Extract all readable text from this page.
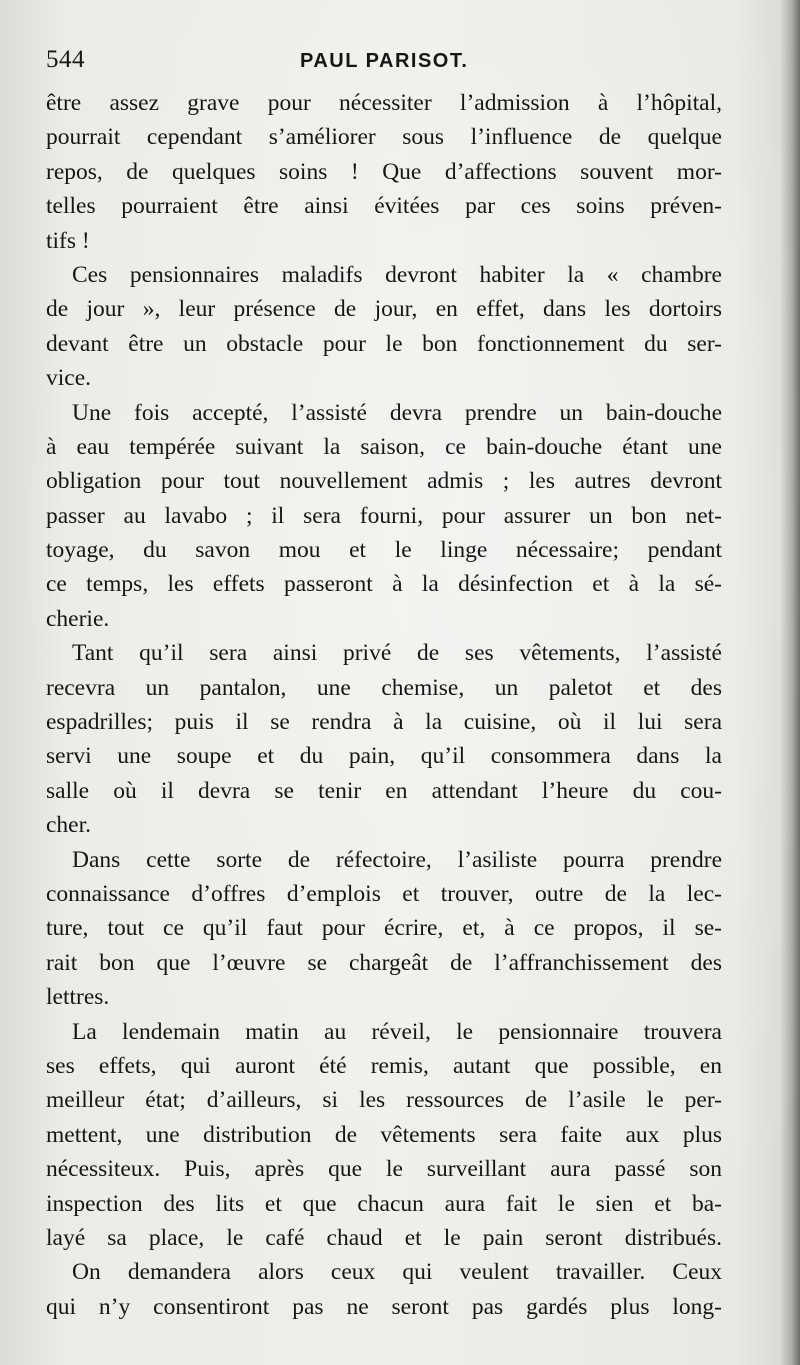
544	PAUL PARISOT.
être assez grave pour nécessiter l’admission à l’hôpital,
pourrait cependant s’améliorer sous l’influence de quelque
repos, de quelques soins ! Que d’affections souvent mor-
telles pourraient être ainsi évitées par ces soins préven-
tifs !
Ces pensionnaires maladifs devront habiter la « chambre
de jour », leur présence de jour, en effet, dans les dortoirs
devant être un obstacle pour le bon fonctionnement du ser-
vice.
Une fois accepté, l’assisté devra prendre un bain-douche
à eau tempérée suivant la saison, ce bain-douche étant une
obligation pour tout nouvellement admis ; les autres devront
passer au lavabo ; il sera fourni, pour assurer un bon net-
toyage, du savon mou et le linge nécessaire; pendant
ce temps, les effets passeront à la désinfection et à la sé-
cherie.
Tant qu’il sera ainsi privé de ses vêtements, l’assisté
recevra un pantalon, une chemise, un paletot et des
espadrilles; puis il se rendra à la cuisine, où il lui sera
servi une soupe et du pain, qu’il consommera dans la
salle où il devra se tenir en attendant l’heure du cou-
cher.
Dans cette sorte de réfectoire, l’asiliste pourra prendre
connaissance d’offres d’emplois et trouver, outre de la lec-
ture, tout ce qu’il faut pour écrire, et, à ce propos, il se-
rait bon que l’œuvre se chargeât de l’affranchissement des
lettres.
La lendemain matin au réveil, le pensionnaire trouvera
ses effets, qui auront été remis, autant que possible, en
meilleur état; d’ailleurs, si les ressources de l’asile le per-
mettent, une distribution de vêtements sera faite aux plus
nécessiteux. Puis, après que le surveillant aura passé son
inspection des lits et que chacun aura fait le sien et ba-
layé sa place, le café chaud et le pain seront distribués.
On demandera alors ceux qui veulent travailler. Ceux
qui n’y consentiront pas ne seront pas gardés plus long-
